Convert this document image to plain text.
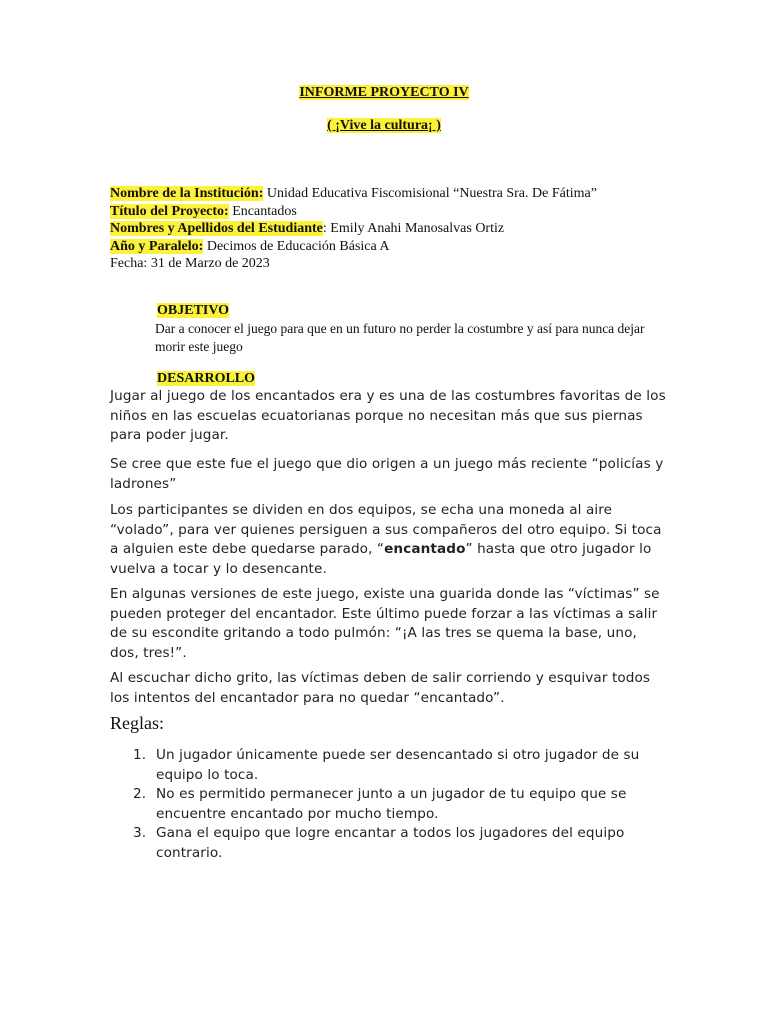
INFORME PROYECTO IV
( ¡Vive la cultura¡ )
Nombre de la Institución: Unidad Educativa Fiscomisional “Nuestra Sra. De Fátima”
Título del Proyecto: Encantados
Nombres y Apellidos del Estudiante: Emily Anahi Manosalvas Ortiz
Año y Paralelo: Decimos de Educación Básica A
Fecha: 31 de Marzo de 2023
OBJETIVO
Dar a conocer el juego para que en un futuro no perder la costumbre y así para nunca dejar morir este juego
DESARROLLO

Jugar al juego de los encantados era y es una de las costumbres favoritas de los niños en las escuelas ecuatorianas porque no necesitan más que sus piernas para poder jugar.

Se cree que este fue el juego que dio origen a un juego más reciente “policías y ladrones”

Los participantes se dividen en dos equipos, se echa una moneda al aire “volado”, para ver quienes persiguen a sus compañeros del otro equipo. Si toca a alguien este debe quedarse parado, “encantado” hasta que otro jugador lo vuelva a tocar y lo desencante.

En algunas versiones de este juego, existe una guarida donde las “víctimas” se pueden proteger del encantador. Este último puede forzar a las víctimas a salir de su escondite gritando a todo pulmón: “¡A las tres se quema la base, uno, dos, tres!”.

Al escuchar dicho grito, las víctimas deben de salir corriendo y esquivar todos los intentos del encantador para no quedar “encantado”.

Reglas:
1. Un jugador únicamente puede ser desencantado si otro jugador de su equipo lo toca.
2. No es permitido permanecer junto a un jugador de tu equipo que se encuentre encantado por mucho tiempo.
3. Gana el equipo que logre encantar a todos los jugadores del equipo contrario.
